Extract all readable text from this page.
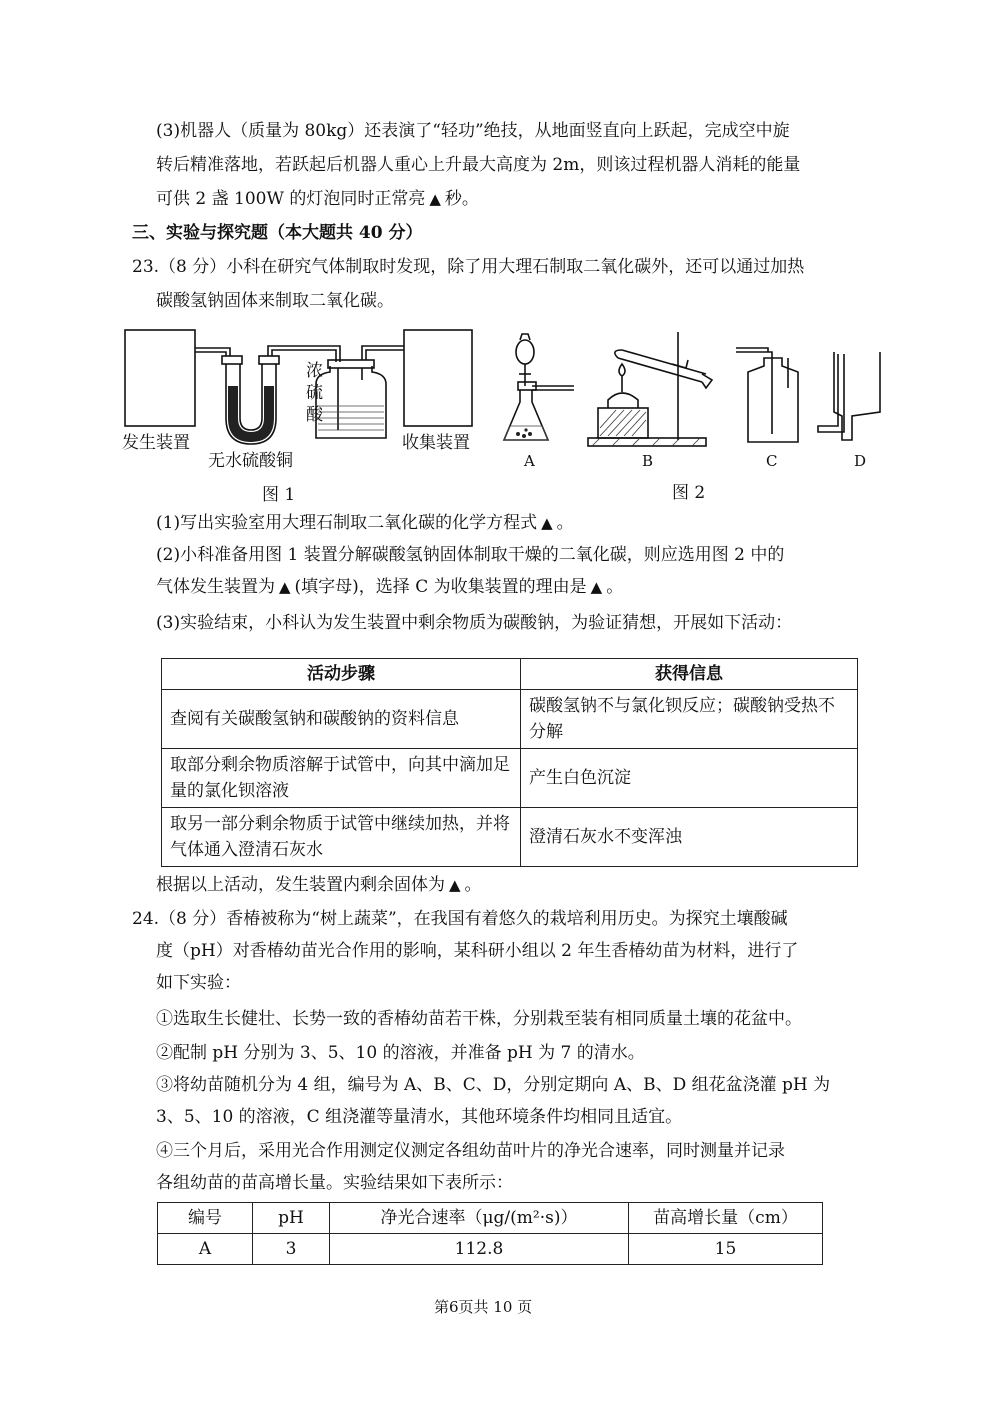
(3)机器人（质量为 80kg）还表演了“轻功”绝技，从地面竖直向上跃起，完成空中旋
转后精准落地，若跃起后机器人重心上升最大高度为 2m，则该过程机器人消耗的能量
可供 2 盏 100W 的灯泡同时正常亮 ▲ 秒。
三、实验与探究题（本大题共 40 分）
23.（8 分）小科在研究气体制取时发现，除了用大理石制取二氧化碳外，还可以通过加热
碳酸氢钠固体来制取二氧化碳。
发生装置	收集装置
无水硫酸铜
浓
硫
酸
图 1
A	B	C	D
图 2
(1)写出实验室用大理石制取二氧化碳的化学方程式 ▲ 。
(2)小科准备用图 1 装置分解碳酸氢钠固体制取干燥的二氧化碳，则应选用图 2 中的
气体发生装置为 ▲ (填字母)，选择 C 为收集装置的理由是 ▲ 。
(3)实验结束，小科认为发生装置中剩余物质为碳酸钠，为验证猜想，开展如下活动：
活动步骤	获得信息
查阅有关碳酸氢钠和碳酸钠的资料信息	碳酸氢钠不与氯化钡反应；碳酸钠受热不分解
取部分剩余物质溶解于试管中，向其中滴加足量的氯化钡溶液	产生白色沉淀
取另一部分剩余物质于试管中继续加热，并将气体通入澄清石灰水	澄清石灰水不变浑浊
根据以上活动，发生装置内剩余固体为 ▲ 。
24.（8 分）香椿被称为“树上蔬菜”，在我国有着悠久的栽培利用历史。为探究土壤酸碱
度（pH）对香椿幼苗光合作用的影响，某科研小组以 2 年生香椿幼苗为材料，进行了
如下实验：
①选取生长健壮、长势一致的香椿幼苗若干株，分别栽至装有相同质量土壤的花盆中。
②配制 pH 分别为 3、5、10 的溶液，并准备 pH 为 7 的清水。
③将幼苗随机分为 4 组，编号为 A、B、C、D，分别定期向 A、B、D 组花盆浇灌 pH 为
3、5、10 的溶液，C 组浇灌等量清水，其他环境条件均相同且适宜。
④三个月后，采用光合作用测定仪测定各组幼苗叶片的净光合速率，同时测量并记录
各组幼苗的苗高增长量。实验结果如下表所示：
编号	pH	净光合速率（μg/(m²·s)）	苗高增长量（cm）
A	3	112.8	15
第6页共 10 页
